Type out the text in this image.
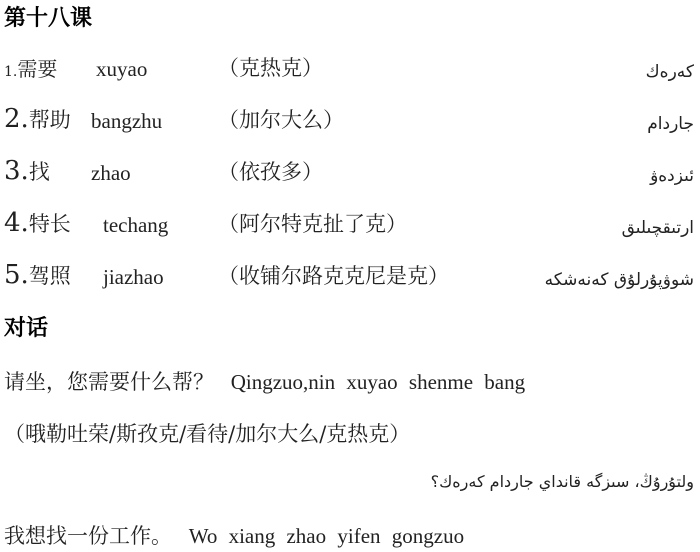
第十八课
1.需要 xuyao	（克热克）	كەرەك
2.帮助 bangzhu	（加尔大么）	جاردام
3.找 zhao	（依孜多）	ئىزدەۋ
4.特长 techang （阿尔特克扯了克）	ارتىقچىلىق
5.驾照 jiazhao	（收铺尔路克克尼是克）	شوۋپۇرلۇق كەنەشكە
对话
请坐，您需要什么帮？ Qingzuo,nin xuyao shenme bang
（哦勒吐荣/斯孜克/看待/加尔大么/克热克）
ولتۇرۇڭ، سىزگە قانداي جاردام كەرەك؟
我想找一份工作。 Wo xiang zhao yifen gongzuo
